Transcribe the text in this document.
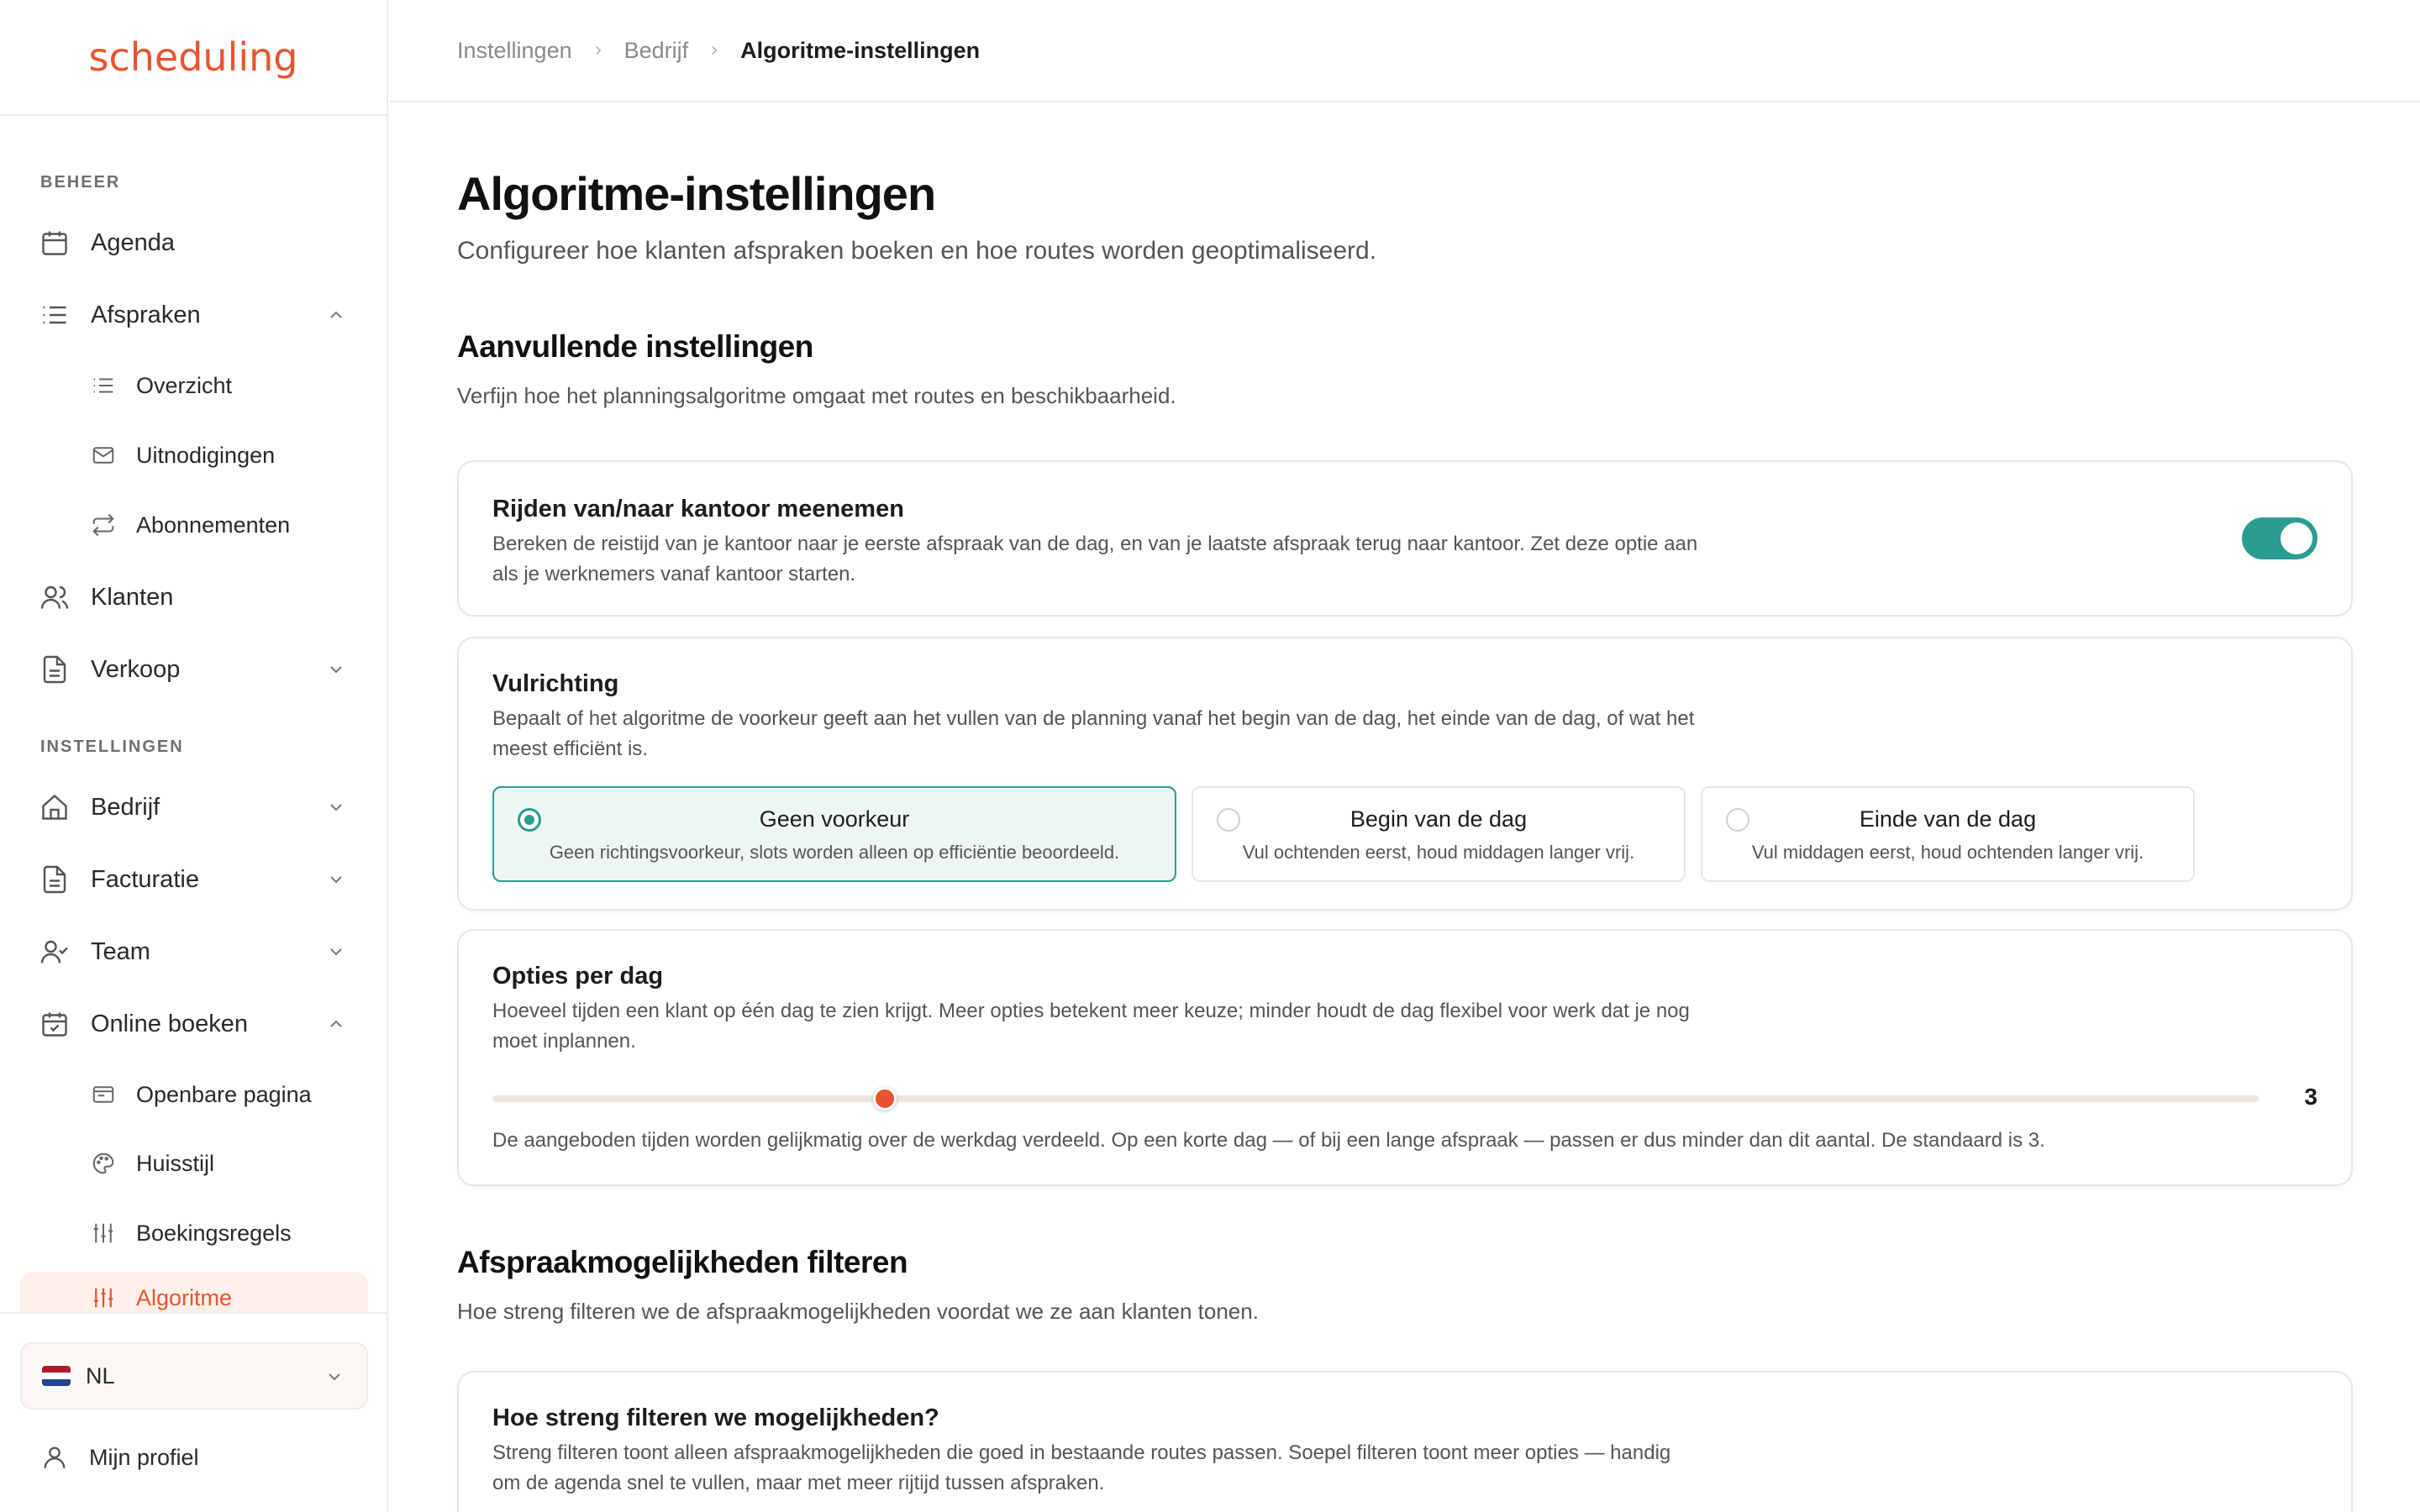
scheduling
BEHEER
Agenda
Afspraken
Overzicht
Uitnodigingen
Abonnementen
Klanten
Verkoop
INSTELLINGEN
Bedrijf
Facturatie
Team
Online boeken
Openbare pagina
Huisstijl
Boekingsregels
Algoritme
NL
Mijn profiel
Instellingen Bedrijf Algoritme-instellingen
Algoritme-instellingen

Configureer hoe klanten afspraken boeken en hoe routes worden geoptimaliseerd.

Aanvullende instellingen

Verfijn hoe het planningsalgoritme omgaat met routes en beschikbaarheid.

Rijden van/naar kantoor meenemen
Bereken de reistijd van je kantoor naar je eerste afspraak van de dag, en van je laatste afspraak terug naar kantoor. Zet deze optie aan als je werknemers vanaf kantoor starten.
Vulrichting
Bepaalt of het algoritme de voorkeur geeft aan het vullen van de planning vanaf het begin van de dag, het einde van de dag, of wat het meest efficiënt is.
Geen voorkeur
Geen richtingsvoorkeur, slots worden alleen op efficiëntie beoordeeld.
Begin van de dag
Vul ochtenden eerst, houd middagen langer vrij.
Einde van de dag
Vul middagen eerst, houd ochtenden langer vrij.
Opties per dag
Hoeveel tijden een klant op één dag te zien krijgt. Meer opties betekent meer keuze; minder houdt de dag flexibel voor werk dat je nog moet inplannen.
3
De aangeboden tijden worden gelijkmatig over de werkdag verdeeld. Op een korte dag — of bij een lange afspraak — passen er dus minder dan dit aantal. De standaard is 3.
Afspraakmogelijkheden filteren

Hoe streng filteren we de afspraakmogelijkheden voordat we ze aan klanten tonen.

Hoe streng filteren we mogelijkheden?
Streng filteren toont alleen afspraakmogelijkheden die goed in bestaande routes passen. Soepel filteren toont meer opties — handig om de agenda snel te vullen, maar met meer rijtijd tussen afspraken.
